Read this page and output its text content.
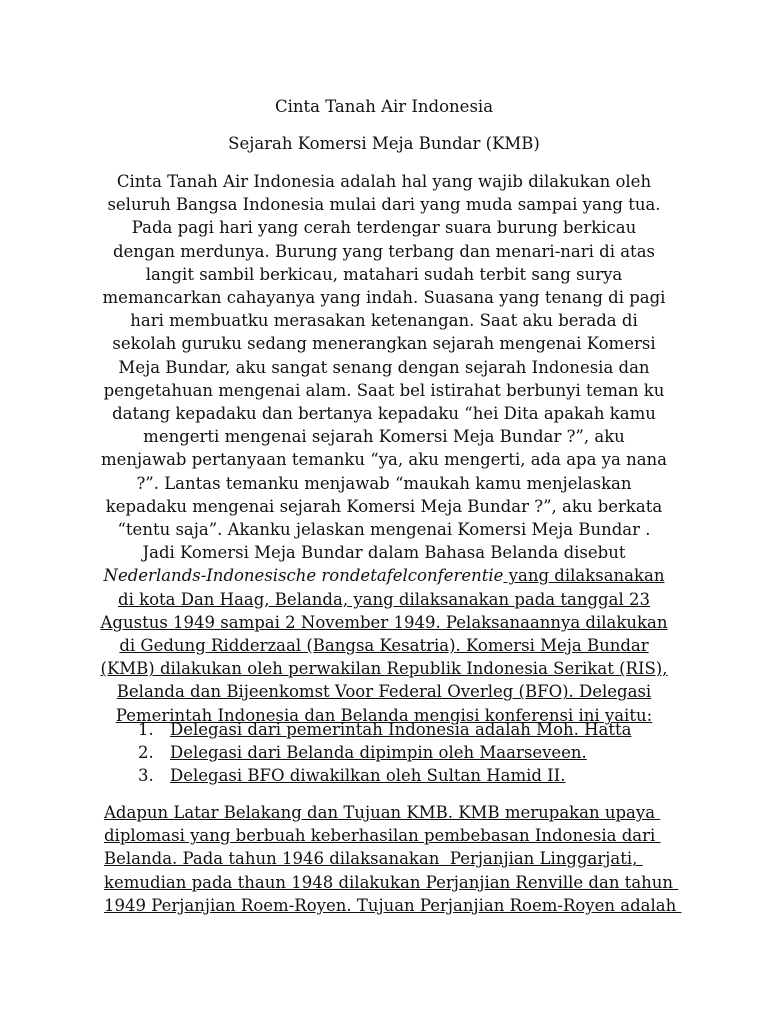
Cinta Tanah Air Indonesia
Sejarah Komersi Meja Bundar (KMB)
Cinta Tanah Air Indonesia adalah hal yang wajib dilakukan oleh seluruh Bangsa Indonesia mulai dari yang muda sampai yang tua. Pada pagi hari yang cerah terdengar suara burung berkicau dengan merdunya. Burung yang terbang dan menari-nari di atas langit sambil berkicau, matahari sudah terbit sang surya memancarkan cahayanya yang indah. Suasana yang tenang di pagi hari membuatku merasakan ketenangan. Saat aku berada di sekolah guruku sedang menerangkan sejarah mengenai Komersi Meja Bundar, aku sangat senang dengan sejarah Indonesia dan pengetahuan mengenai alam. Saat bel istirahat berbunyi teman ku datang kepadaku dan bertanya kepadaku “hei Dita apakah kamu mengerti mengenai sejarah Komersi Meja Bundar ?”, aku menjawab pertanyaan temanku “ya, aku mengerti, ada apa ya nana ?”. Lantas temanku menjawab “maukah kamu menjelaskan kepadaku mengenai sejarah Komersi Meja Bundar ?”, aku berkata “tentu saja”. Akanku jelaskan mengenai Komersi Meja Bundar . Jadi Komersi Meja Bundar dalam Bahasa Belanda disebut Nederlands-Indonesische rondetafelconferentie yang dilaksanakan di kota Dan Haag, Belanda, yang dilaksanakan pada tanggal 23 Agustus 1949 sampai 2 November 1949. Pelaksanaannya dilakukan di Gedung Ridderzaal (Bangsa Kesatria). Komersi Meja Bundar (KMB) dilakukan oleh perwakilan Republik Indonesia Serikat (RIS), Belanda dan Bijeenkomst Voor Federal Overleg (BFO). Delegasi Pemerintah Indonesia dan Belanda mengisi konferensi ini yaitu:
1. Delegasi dari pemerintah Indonesia adalah Moh. Hatta
2. Delegasi dari Belanda dipimpin oleh Maarseveen.
3. Delegasi BFO diwakilkan oleh Sultan Hamid II.
Adapun Latar Belakang dan Tujuan KMB. KMB merupakan upaya
diplomasi yang berbuah keberhasilan pembebasan Indonesia dari
Belanda. Pada tahun 1946 dilaksanakan  Perjanjian Linggarjati,
kemudian pada thaun 1948 dilakukan Perjanjian Renville dan tahun
1949 Perjanjian Roem-Royen. Tujuan Perjanjian Roem-Royen adalah
